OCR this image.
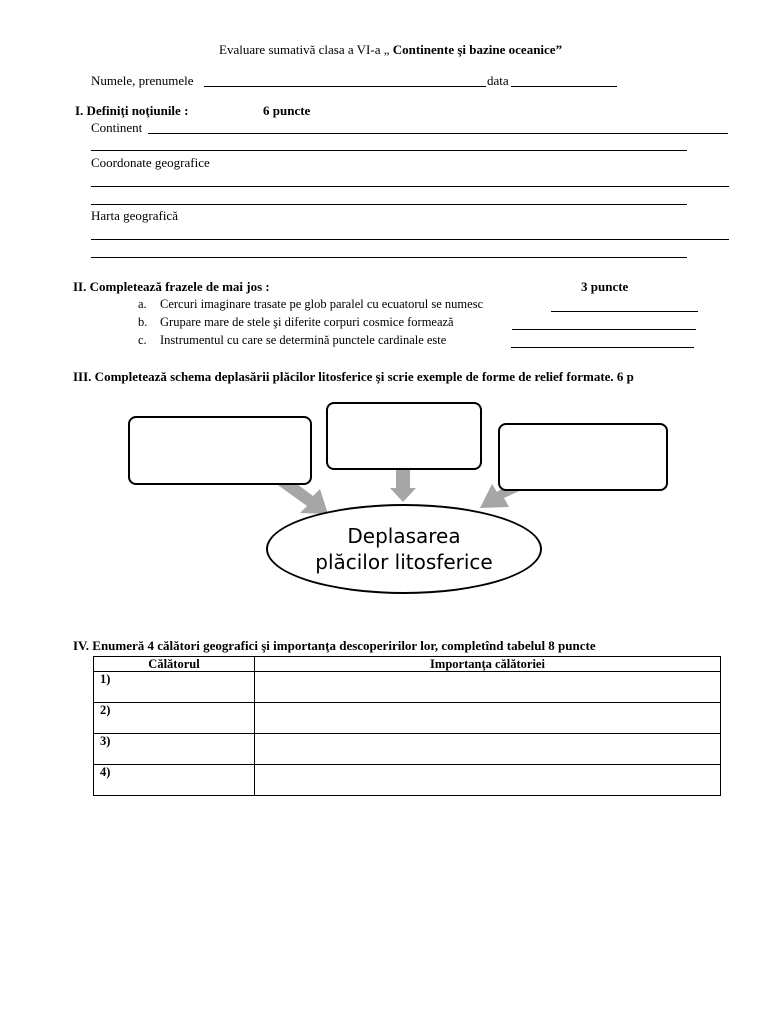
Evaluare sumativă clasa a VI-a „ Continente şi bazine oceanice”
Numele, prenumele	data
I. Definiţi noţiunile :	6 puncte
Continent
Coordonate geografice
Harta geografică
II. Completează frazele de mai jos :	3 puncte
a. Cercuri imaginare trasate pe glob paralel cu ecuatorul se numesc
b. Grupare mare de stele şi diferite corpuri cosmice formează
c. Instrumentul cu care se determină punctele cardinale este
III. Completează schema deplasării plăcilor litosferice şi scrie exemple de forme de relief formate. 6 p
Deplasarea
plăcilor litosferice
IV. Enumeră 4 călători geografici şi importanţa descoperirilor lor, completînd tabelul 8 puncte
Călătorul	Importanţa călătoriei
1)	
2)	
3)	
4)	
